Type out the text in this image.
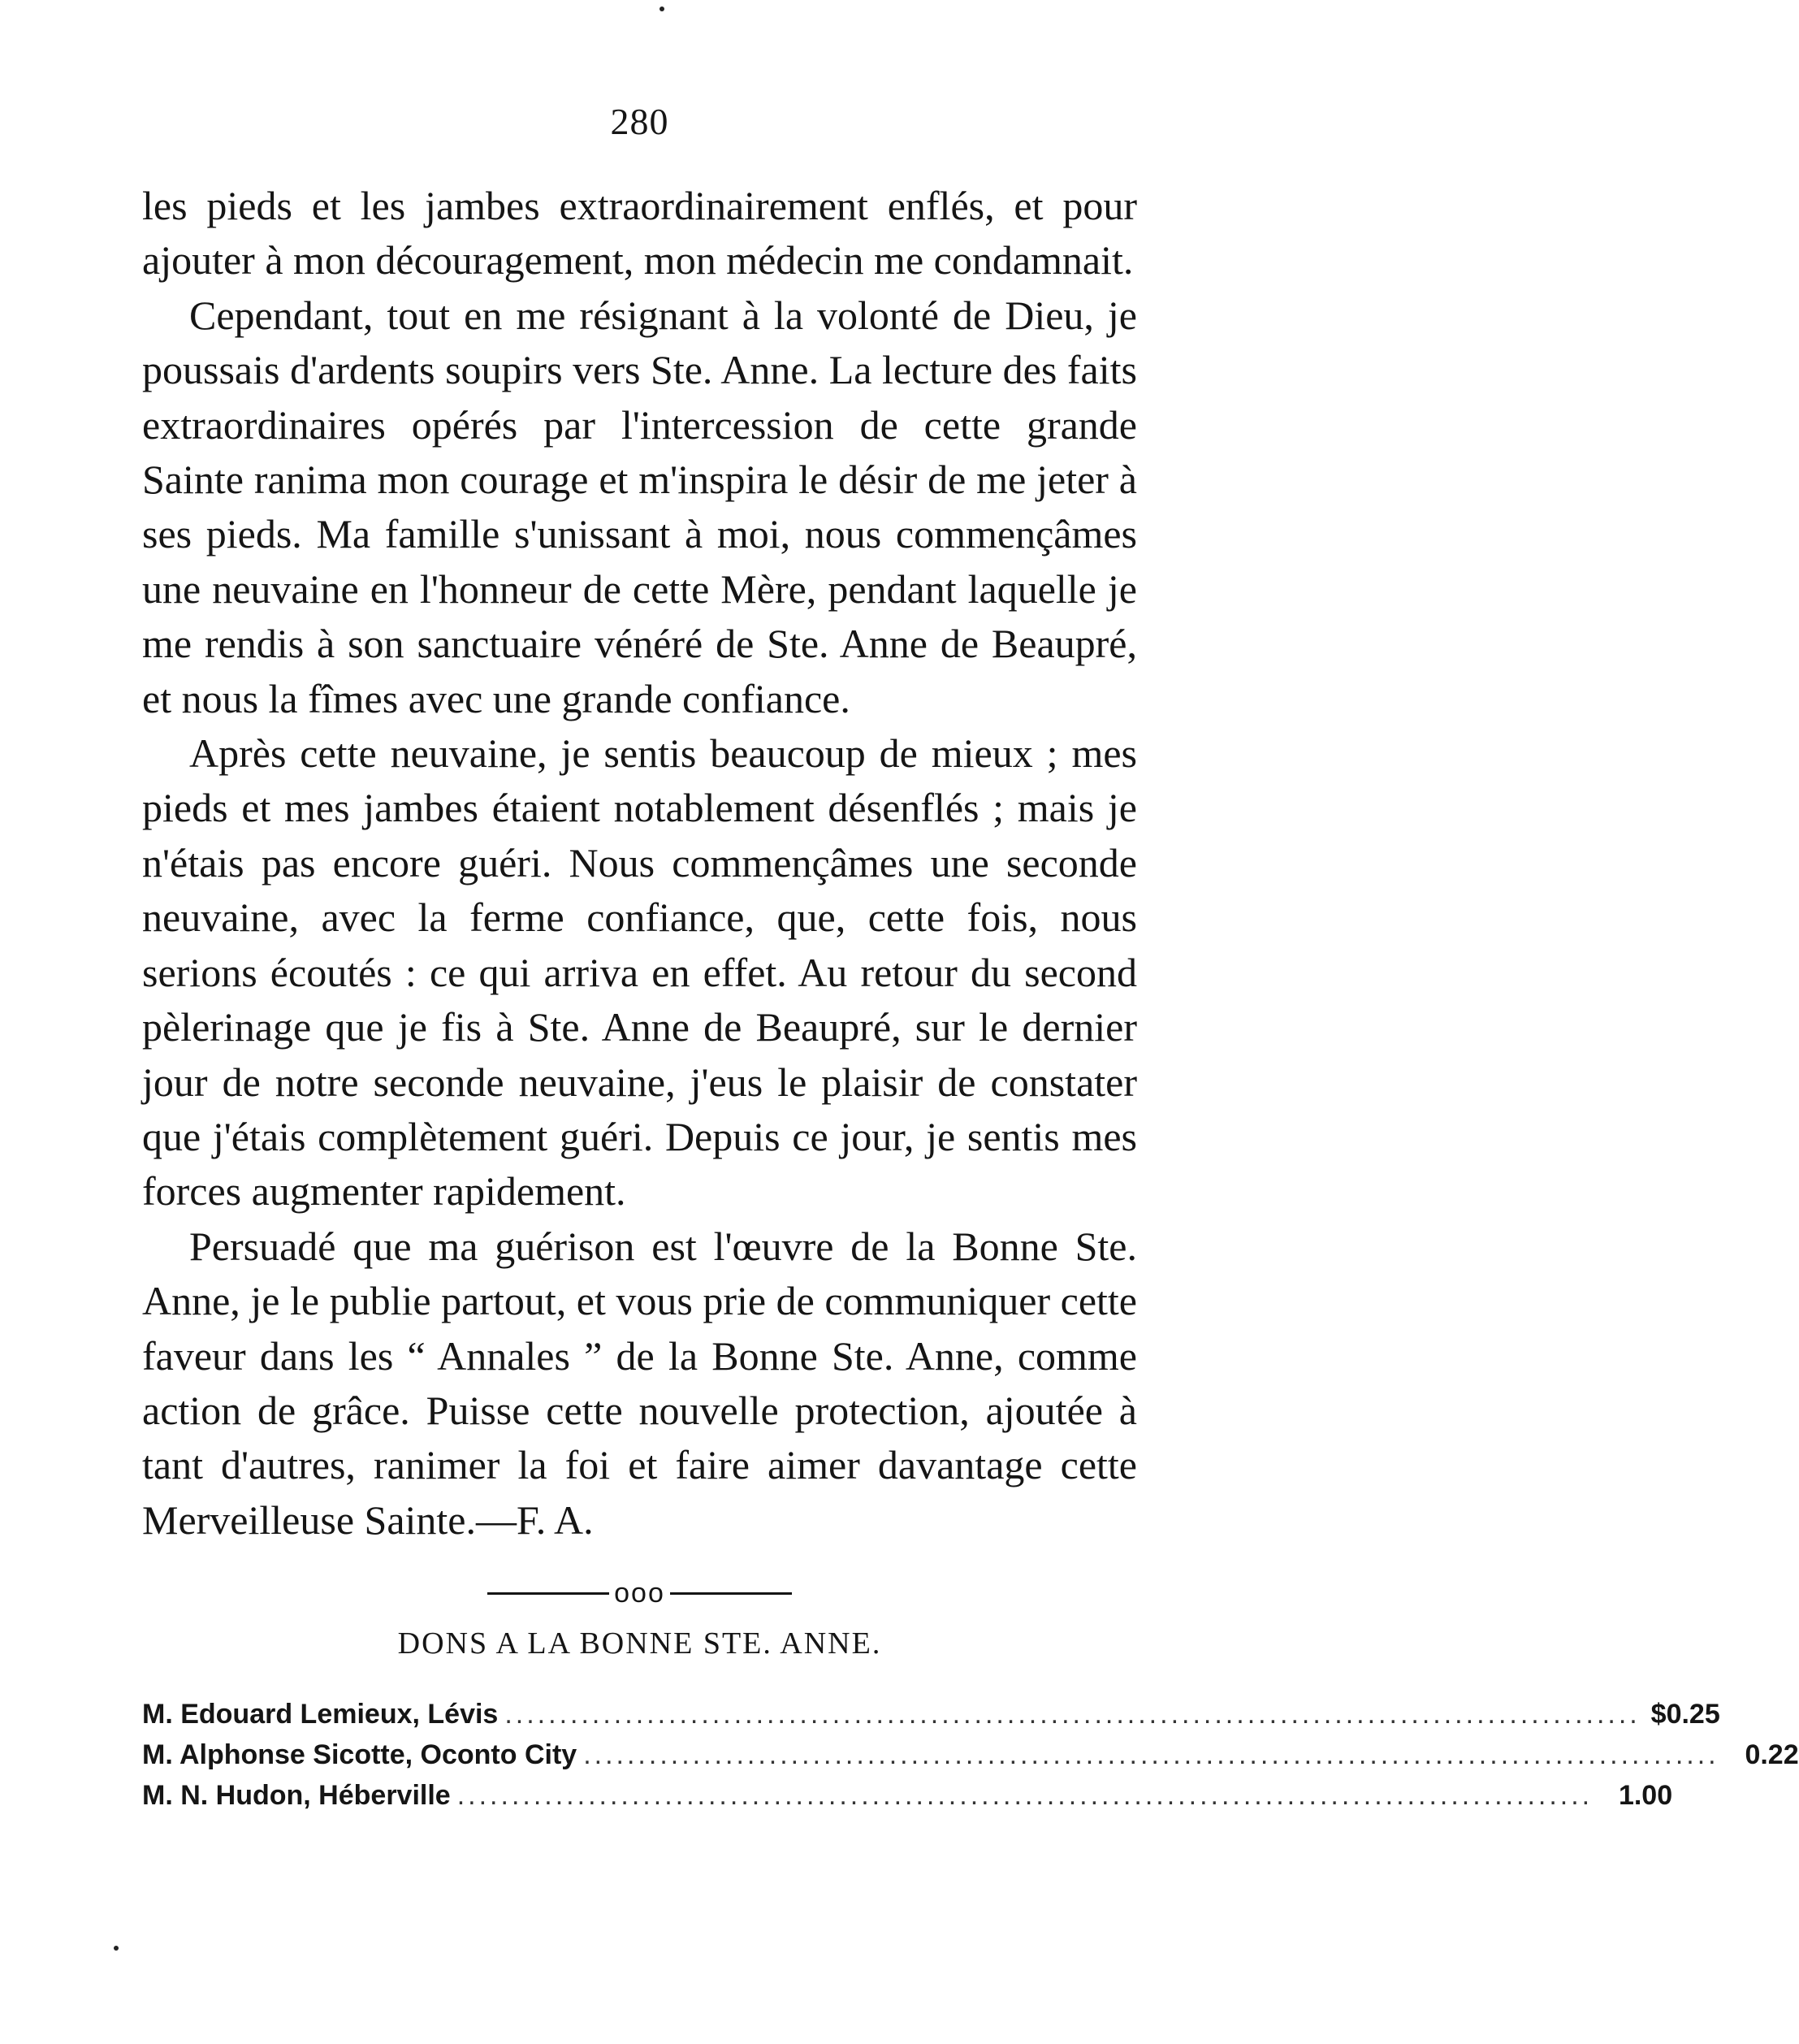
280

les pieds et les jambes extraordinairement enflés, et pour ajouter à mon découragement, mon médecin me condamnait.

Cependant, tout en me résignant à la volonté de Dieu, je poussais d'ardents soupirs vers Ste. Anne. La lecture des faits extraordinaires opérés par l'intercession de cette grande Sainte ranima mon courage et m'inspira le désir de me jeter à ses pieds. Ma famille s'unissant à moi, nous commençâmes une neuvaine en l'honneur de cette Mère, pendant laquelle je me rendis à son sanctuaire vénéré de Ste. Anne de Beaupré, et nous la fîmes avec une grande confiance.

Après cette neuvaine, je sentis beaucoup de mieux ; mes pieds et mes jambes étaient notablement désenflés ; mais je n'étais pas encore guéri. Nous commençâmes une seconde neuvaine, avec la ferme confiance, que, cette fois, nous serions écoutés : ce qui arriva en effet. Au retour du second pèlerinage que je fis à Ste. Anne de Beaupré, sur le dernier jour de notre seconde neuvaine, j'eus le plaisir de constater que j'étais complètement guéri. Depuis ce jour, je sentis mes forces augmenter rapidement.

Persuadé que ma guérison est l'œuvre de la Bonne Ste. Anne, je le publie partout, et vous prie de communiquer cette faveur dans les “ Annales ” de la Bonne Ste. Anne, comme action de grâce. Puisse cette nouvelle protection, ajoutée à tant d'autres, ranimer la foi et faire aimer davantage cette Merveilleuse Sainte.—F. A.

ooo
DONS A LA BONNE STE. ANNE.
M. Edouard Lemieux, Lévis ........................................................................................................ $0.25
M. Alphonse Sicotte, Oconto City ........................................................................................................ 0.22
M. N. Hudon, Héberville ........................................................................................................ 1.00
